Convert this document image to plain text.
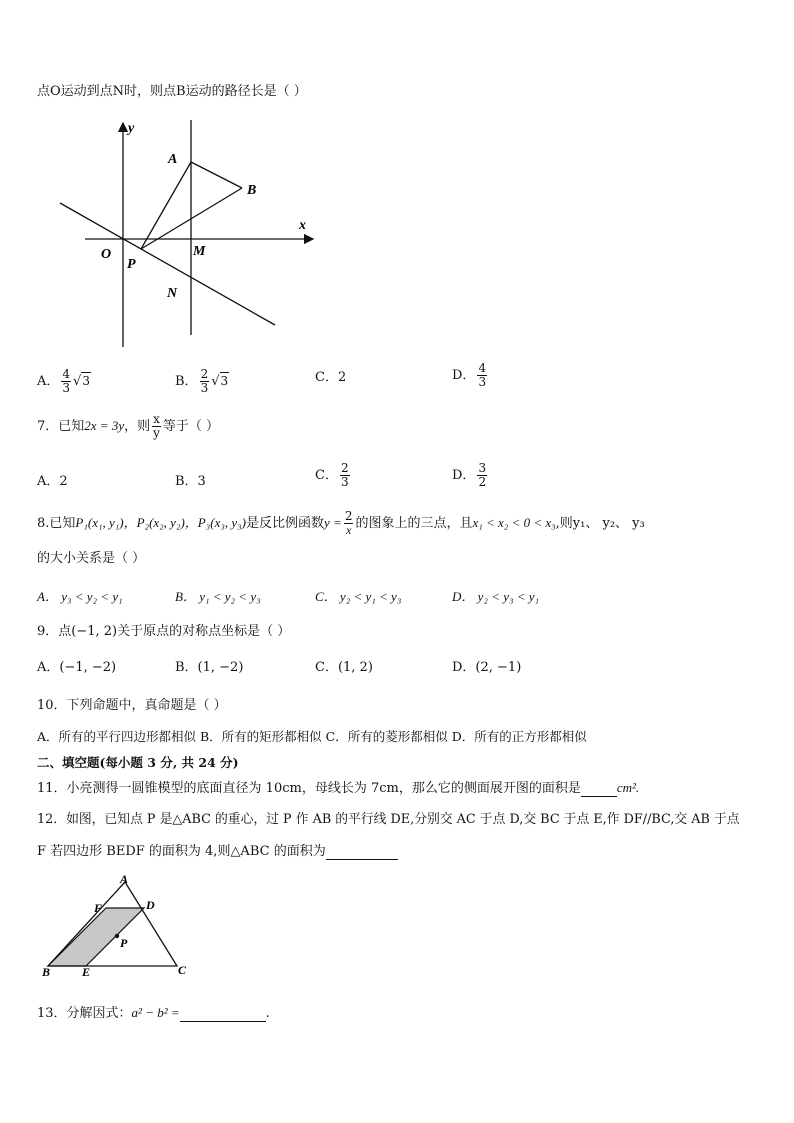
点O运动到点N时，则点B运动的路径长是（ ）
y
x
A
B
O
P
M
N
A． $\frac{4}{3} √3$	B． $\frac{2}{3} √3$	C．2	D． $\frac{4}{3}$
7．已知2x = 3y，则 $\frac{x}{y}$ 等于（ ）
A．2	B．3	C． $\frac{2}{3}$	D． $\frac{3}{2}$
8.已知P₁(x₁, y₁)，P₂(x₂, y₂)，P₃(x₃, y₃)是反比例函数$y = \frac{2}{x}$ 的图象上的三点，且x₁ < x₂ < 0 < x₃,则y₁、 y₂、 y₃
的大小关系是（ ）
A． y₃ < y₂ < y₁	B． y₁ < y₂ < y₃	C． y₂ < y₁ < y₃	D． y₂ < y₃ < y₁
9．点(−1, 2)关于原点的对称点坐标是（ ）
A．(−1, −2)	B．(1, −2)	C．(1, 2)	D．(2, −1)
10．下列命题中，真命题是（ ）
A．所有的平行四边形都相似 B．所有的矩形都相似 C．所有的菱形都相似 D．所有的正方形都相似
二、填空题(每小题 3 分, 共 24 分)
11．小亮测得一圆锥模型的底面直径为 10cm，母线长为 7cm，那么它的侧面展开图的面积是	cm².
12．如图，已知点 P 是△ABC 的重心，过 P 作 AB 的平行线 DE,分别交 AC 于点 D,交 BC 于点 E,作 DF//BC,交 AB 于点
F 若四边形 BEDF 的面积为 4,则△ABC 的面积为
A
B	C
D
E
F
P
13．分解因式：a² − b² =	.
